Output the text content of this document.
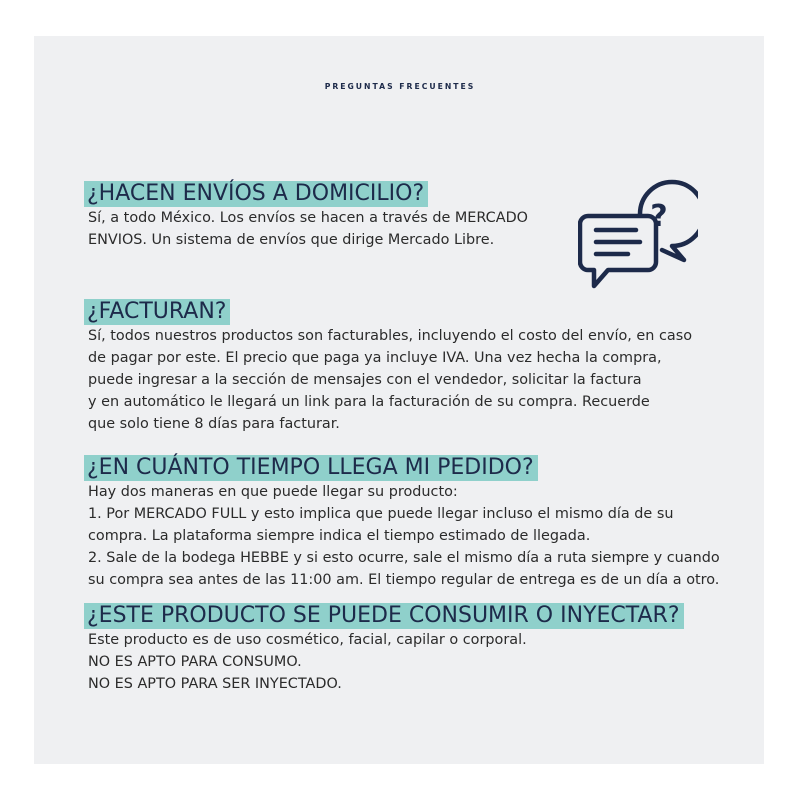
PREGUNTAS FRECUENTES
?
¿HACEN ENVÍOS A DOMICILIO?
Sí, a todo México. Los envíos se hacen a través de MERCADO
ENVIOS. Un sistema de envíos que dirige Mercado Libre.
¿FACTURAN?
Sí, todos nuestros productos son facturables, incluyendo el costo del envío, en caso
de pagar por este. El precio que paga ya incluye IVA. Una vez hecha la compra,
puede ingresar a la sección de mensajes con el vendedor, solicitar la factura
y en automático le llegará un link para la facturación de su compra. Recuerde
que solo tiene 8 días para facturar.
¿EN CUÁNTO TIEMPO LLEGA MI PEDIDO?
Hay dos maneras en que puede llegar su producto:
1. Por MERCADO FULL y esto implica que puede llegar incluso el mismo día de su
compra. La plataforma siempre indica el tiempo estimado de llegada.
2. Sale de la bodega HEBBE y si esto ocurre, sale el mismo día a ruta siempre y cuando
su compra sea antes de las 11:00 am. El tiempo regular de entrega es de un día a otro.
¿ESTE PRODUCTO SE PUEDE CONSUMIR O INYECTAR?
Este producto es de uso cosmético, facial, capilar o corporal.
NO ES APTO PARA CONSUMO.
NO ES APTO PARA SER INYECTADO.
